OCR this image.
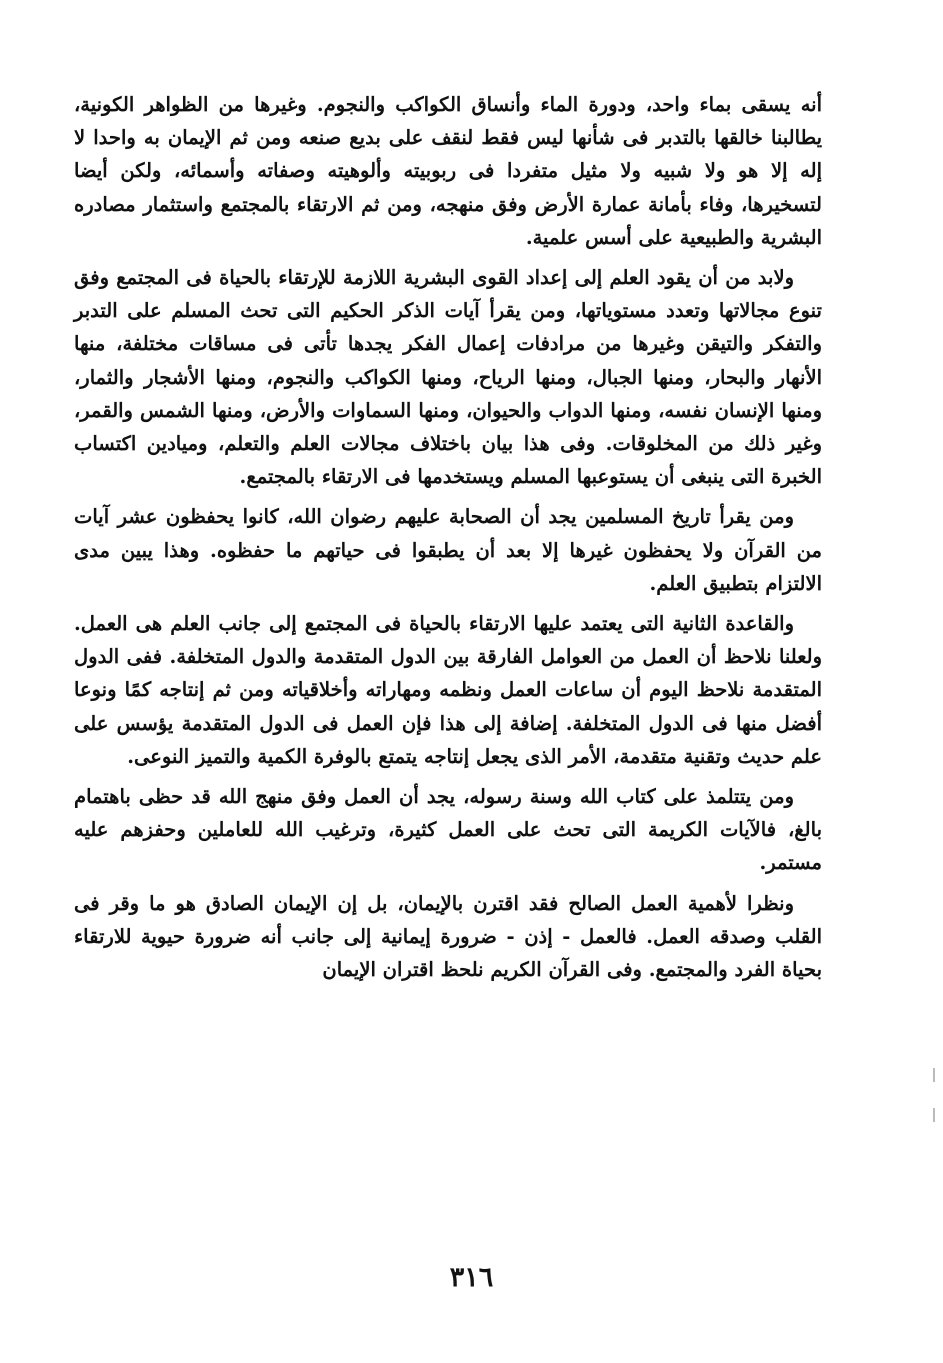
أنه يسقى بماء واحد، ودورة الماء وأنساق الكواكب والنجوم. وغيرها من الظواهر الكونية، يطالبنا خالقها بالتدبر فى شأنها ليس فقط لنقف على بديع صنعه ومن ثم الإيمان به واحدا لا إله إلا هو ولا شبيه ولا مثيل متفردا فى ربوبيته وألوهيته وصفاته وأسمائه، ولكن أيضا لتسخيرها، وفاء بأمانة عمارة الأرض وفق منهجه، ومن ثم الارتقاء بالمجتمع واستثمار مصادره البشرية والطبيعية على أسس علمية.

ولابد من أن يقود العلم إلى إعداد القوى البشرية اللازمة للإرتقاء بالحياة فى المجتمع وفق تنوع مجالاتها وتعدد مستوياتها، ومن يقرأ آيات الذكر الحكيم التى تحث المسلم على التدبر والتفكر والتيقن وغيرها من مرادفات إعمال الفكر يجدها تأتى فى مساقات مختلفة، منها الأنهار والبحار، ومنها الجبال، ومنها الرياح، ومنها الكواكب والنجوم، ومنها الأشجار والثمار، ومنها الإنسان نفسه، ومنها الدواب والحيوان، ومنها السماوات والأرض، ومنها الشمس والقمر، وغير ذلك من المخلوقات. وفى هذا بيان باختلاف مجالات العلم والتعلم، وميادين اكتساب الخبرة التى ينبغى أن يستوعبها المسلم ويستخدمها فى الارتقاء بالمجتمع.

ومن يقرأ تاريخ المسلمين يجد أن الصحابة عليهم رضوان الله، كانوا يحفظون عشر آيات من القرآن ولا يحفظون غيرها إلا بعد أن يطبقوا فى حياتهم ما حفظوه. وهذا يبين مدى الالتزام بتطبيق العلم.

والقاعدة الثانية التى يعتمد عليها الارتقاء بالحياة فى المجتمع إلى جانب العلم هى العمل. ولعلنا نلاحظ أن العمل من العوامل الفارقة بين الدول المتقدمة والدول المتخلفة. ففى الدول المتقدمة نلاحظ اليوم أن ساعات العمل ونظمه ومهاراته وأخلاقياته ومن ثم إنتاجه كمًا ونوعا أفضل منها فى الدول المتخلفة. إضافة إلى هذا فإن العمل فى الدول المتقدمة يؤسس على علم حديث وتقنية متقدمة، الأمر الذى يجعل إنتاجه يتمتع بالوفرة الكمية والتميز النوعى.

ومن يتتلمذ على كتاب الله وسنة رسوله، يجد أن العمل وفق منهج الله قد حظى باهتمام بالغ، فالآيات الكريمة التى تحث على العمل كثيرة، وترغيب الله للعاملين وحفزهم عليه مستمر.

ونظرا لأهمية العمل الصالح فقد اقترن بالإيمان، بل إن الإيمان الصادق هو ما وقر فى القلب وصدقه العمل. فالعمل - إذن - ضرورة إيمانية إلى جانب أنه ضرورة حيوية للارتقاء بحياة الفرد والمجتمع. وفى القرآن الكريم نلحظ اقتران الإيمان

٣١٦
